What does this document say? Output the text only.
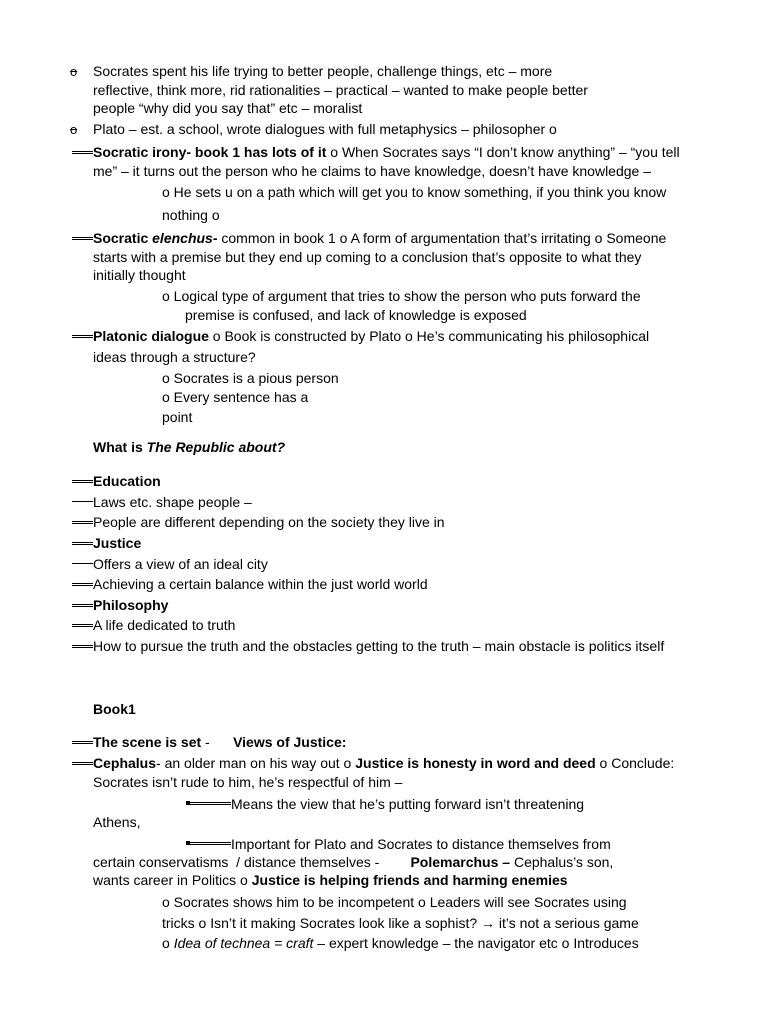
o Socrates spent his life trying to better people, challenge things, etc – more
reflective, think more, rid rationalities – practical – wanted to make people better
people “why did you say that” etc – moralist
o Plato – est. a school, wrote dialogues with full metaphysics – philosopher o
Socratic irony- book 1 has lots of it o When Socrates says “I don’t know anything” – “you tell
me” – it turns out the person who he claims to have knowledge, doesn’t have knowledge –
o He sets u on a path which will get you to know something, if you think you know
nothing o
Socratic elenchus- common in book 1 o A form of argumentation that’s irritating o Someone
starts with a premise but they end up coming to a conclusion that’s opposite to what they
initially thought
o Logical type of argument that tries to show the person who puts forward the
premise is confused, and lack of knowledge is exposed
Platonic dialogue o Book is constructed by Plato o He’s communicating his philosophical
ideas through a structure?
o Socrates is a pious person
o Every sentence has a
point
What is The Republic about?
Education
Laws etc. shape people –
People are different depending on the society they live in
Justice
Offers a view of an ideal city
Achieving a certain balance within the just world world
Philosophy
A life dedicated to truth
How to pursue the truth and the obstacles getting to the truth – main obstacle is politics itself
Book1
The scene is set -      Views of Justice:
Cephalus- an older man on his way out o Justice is honesty in word and deed o Conclude:
Socrates isn’t rude to him, he’s respectful of him –
Means the view that he’s putting forward isn’t threatening
Athens,
Important for Plato and Socrates to distance themselves from
certain conservatisms  / distance themselves -        Polemarchus – Cephalus’s son,
wants career in Politics o Justice is helping friends and harming enemies
o Socrates shows him to be incompetent o Leaders will see Socrates using
tricks o Isn’t it making Socrates look like a sophist? → it’s not a serious game
o Idea of technea = craft – expert knowledge – the navigator etc o Introduces
